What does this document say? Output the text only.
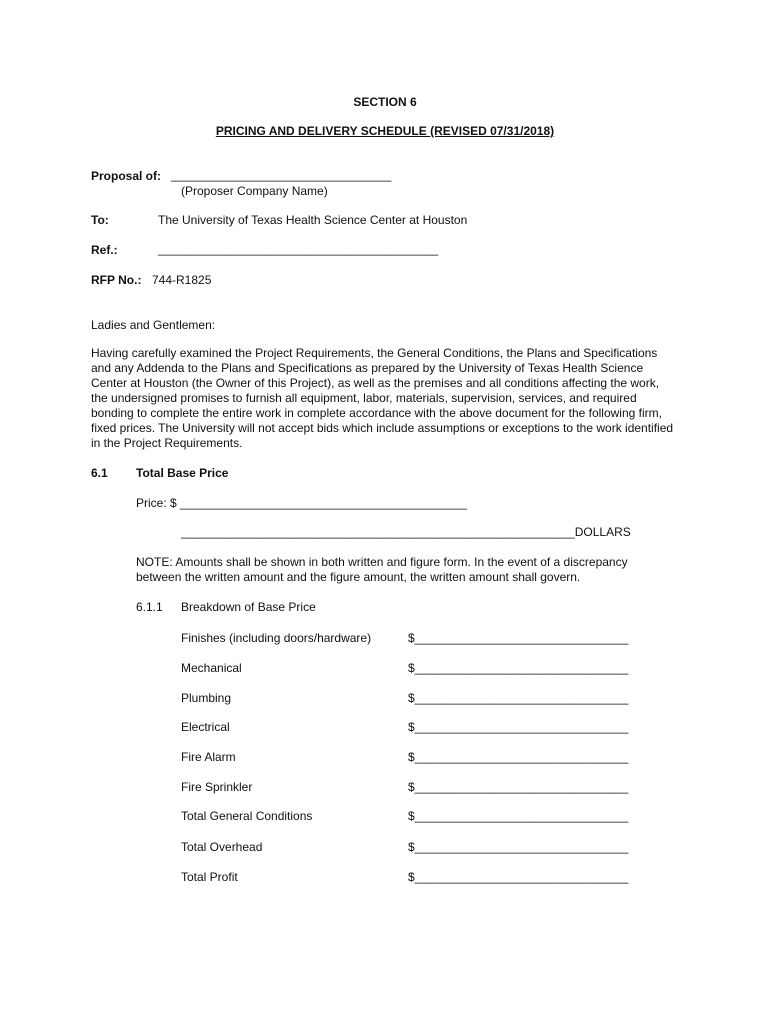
SECTION 6
PRICING AND DELIVERY SCHEDULE (REVISED 07/31/2018)
Proposal of: _________________________________
(Proposer Company Name)
To:	The University of Texas Health Science Center at Houston
Ref.:	__________________________________________
RFP No.: 744-R1825
Ladies and Gentlemen:
Having carefully examined the Project Requirements, the General Conditions, the Plans and Specifications and any Addenda to the Plans and Specifications as prepared by the University of Texas Health Science Center at Houston (the Owner of this Project), as well as the premises and all conditions affecting the work, the undersigned promises to furnish all equipment, labor, materials, supervision, services, and required bonding to complete the entire work in complete accordance with the above document for the following firm, fixed prices. The University will not accept bids which include assumptions or exceptions to the work identified in the Project Requirements.
6.1 Total Base Price
Price: $ ___________________________________________
___________________________________________________________DOLLARS
NOTE: Amounts shall be shown in both written and figure form. In the event of a discrepancy between the written amount and the figure amount, the written amount shall govern.
6.1.1 Breakdown of Base Price
Finishes (including doors/hardware)	$________________________________
Mechanical	$________________________________
Plumbing	$________________________________
Electrical	$________________________________
Fire Alarm	$________________________________
Fire Sprinkler	$________________________________
Total General Conditions	$________________________________
Total Overhead	$________________________________
Total Profit	$________________________________
